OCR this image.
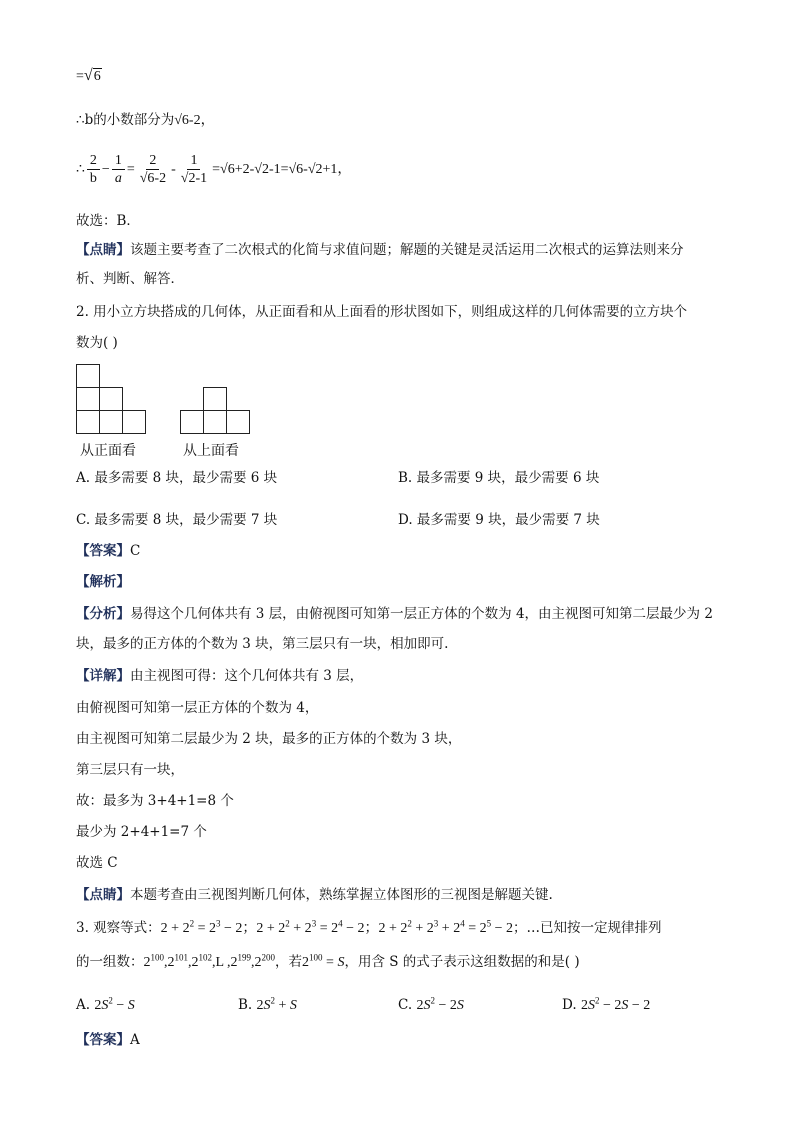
=√6
∴b的小数部分为√6-2，
∴ $\frac{2}{b} - \frac{1}{a} = \frac{2}{√6-2} - \frac{1}{√2-1} =√6+2-√2-1=√6-√2+1$，
故选：B．
【点睛】该题主要考查了二次根式的化简与求值问题；解题的关键是灵活运用二次根式的运算法则来分
析、判断、解答．
2. 用小立方块搭成的几何体，从正面看和从上面看的形状图如下，则组成这样的几何体需要的立方块个
数为( )
从正面看	从上面看
A. 最多需要 8 块，最少需要 6 块	B. 最多需要 9 块，最少需要 6 块
C. 最多需要 8 块，最少需要 7 块	D. 最多需要 9 块，最少需要 7 块
【答案】C
【解析】
【分析】易得这个几何体共有 3 层，由俯视图可知第一层正方体的个数为 4，由主视图可知第二层最少为 2
块，最多的正方体的个数为 3 块，第三层只有一块，相加即可.
【详解】由主视图可得：这个几何体共有 3 层，
由俯视图可知第一层正方体的个数为 4，
由主视图可知第二层最少为 2 块，最多的正方体的个数为 3 块，
第三层只有一块，
故：最多为 3+4+1=8 个
最少为 2+4+1=7 个
故选 C
【点睛】本题考查由三视图判断几何体，熟练掌握立体图形的三视图是解题关键.
3. 观察等式：$2 + 2^2 = 2^3 - 2$；$2 + 2^2 + 2^3 = 2^4 - 2$；$2 + 2^2 + 2^3 + 2^4 = 2^5 - 2$；…已知按一定规律排列
的一组数：$2^{100},2^{101},2^{102},L$ $,2^{199},2^{200}$，若$2^{100} = S$，用含 S 的式子表示这组数据的和是( )
A. $2S^2 - S$	B. $2S^2 + S$	C. $2S^2 - 2S$	D. $2S^2 - 2S - 2$
【答案】A
